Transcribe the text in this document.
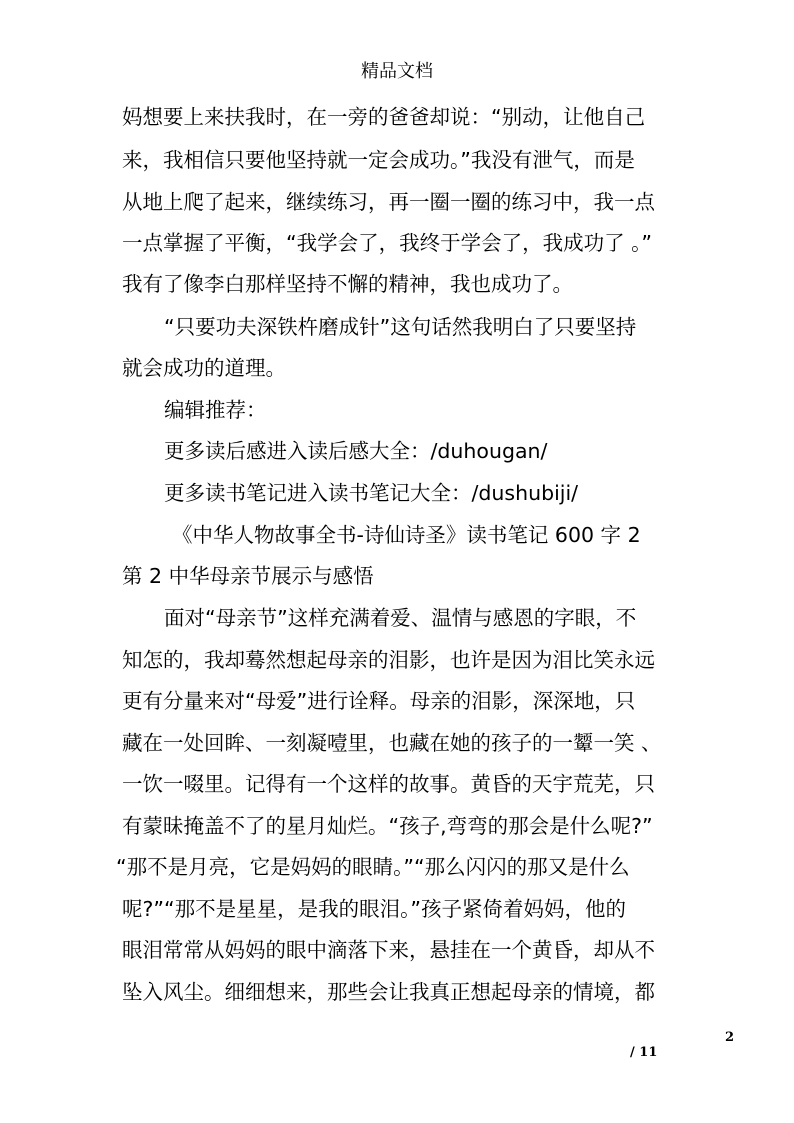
精品文档
妈想要上来扶我时，在一旁的爸爸却说：“别动，让他自己
来，我相信只要他坚持就一定会成功。”我没有泄气，而是
从地上爬了起来，继续练习，再一圈一圈的练习中，我一点
一点掌握了平衡，“我学会了，我终于学会了，我成功了 。”
我有了像李白那样坚持不懈的精神，我也成功了。
“只要功夫深铁杵磨成针”这句话然我明白了只要坚持
就会成功的道理。
编辑推荐：
更多读后感进入读后感大全：/duhougan/
更多读书笔记进入读书笔记大全：/dushubiji/
《中华人物故事全书-诗仙诗圣》读书笔记 600 字 2
第 2 中华母亲节展示与感悟
面对“母亲节”这样充满着爱、温情与感恩的字眼，不
知怎的，我却蓦然想起母亲的泪影，也许是因为泪比笑永远
更有分量来对“母爱”进行诠释。母亲的泪影，深深地，只
藏在一处回眸、一刻凝噎里，也藏在她的孩子的一颦一笑 、
一饮一啜里。记得有一个这样的故事。黄昏的天宇荒芜，只
有蒙昧掩盖不了的星月灿烂。“孩子,弯弯的那会是什么呢?”
“那不是月亮，它是妈妈的眼睛。”“那么闪闪的那又是什么
呢?”“那不是星星，是我的眼泪。”孩子紧倚着妈妈，他的
眼泪常常从妈妈的眼中滴落下来，悬挂在一个黄昏，却从不
坠入风尘。细细想来，那些会让我真正想起母亲的情境，都
2
/ 11
